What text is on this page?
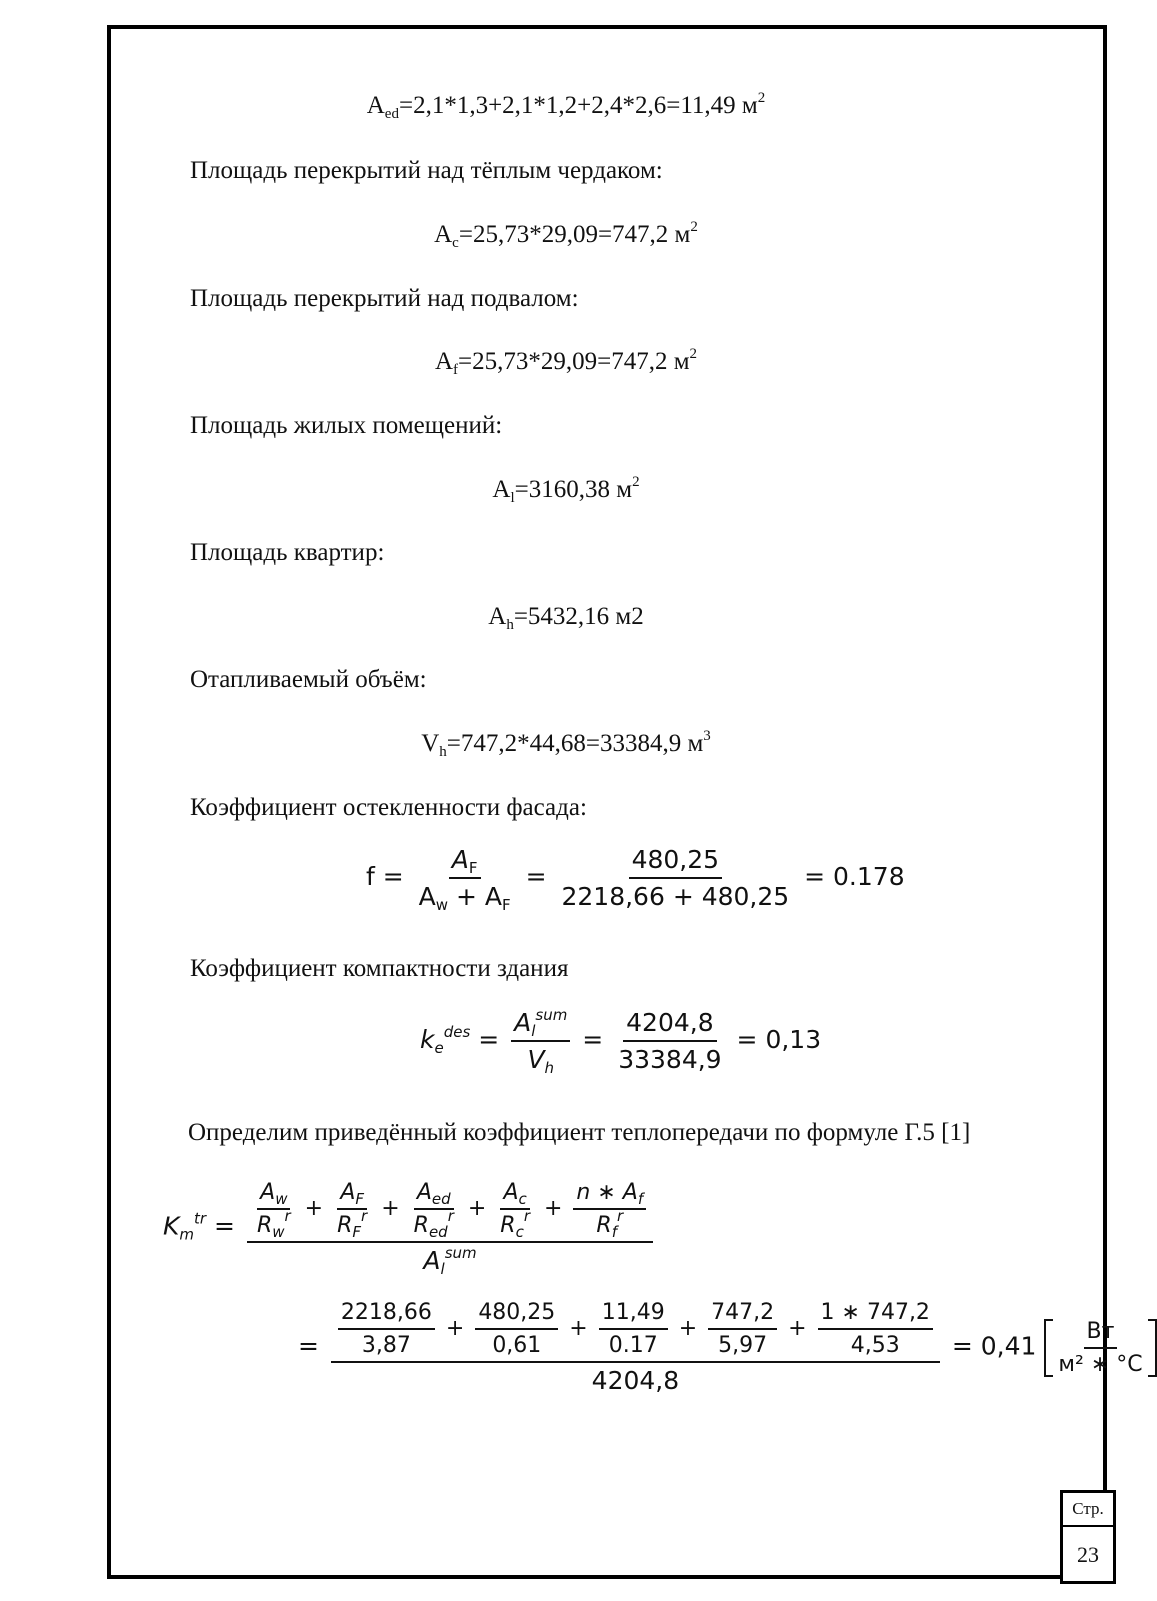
$A_{ed}=2,1*1,3+2,1*1,2+2,4*2,6=11,49$ $м^2$
Площадь перекрытий над тёплым чердаком:
$A_c=25,73*29,09=747,2$ $м^2$
Площадь перекрытий над подвалом:
$A_f=25,73*29,09=747,2$ $м^2$
Площадь жилых помещений:
$A_l=3160,38$ $м^2$
Площадь квартир:
$A_h=5432,16$ м2
Отапливаемый объём:
$V_h=747,2*44,68=33384,9$ $м^3$
Коэффициент остекленности фасада:
$f = \frac{A_F}{A_w + A_F} = \frac{480,25}{2218,66 + 480,25} = 0.178$
Коэффициент компактности здания
$k_e^{des} = \frac{A_l^{sum}}{V_h} = \frac{4204,8}{33384,9} = 0,13$
Определим приведённый коэффициент теплопередачи по формуле Г.5 [1]
$K_m^{tr} = \frac{A_w}{R_w^r} + \frac{A_F}{R_F^r} + \frac{A_{ed}}{R_{ed}^r} + \frac{A_c}{R_c^r} + \frac{n ∗ A_f}{R_f^r}$
$A_l^{sum}$
= $\frac{2218,66}{3,87} + \frac{480,25}{0,61} + \frac{11,49}{0.17} + \frac{747,2}{5,97} + \frac{1 ∗ 747,2}{4,53}$
4204,8
= $0,41 \frac{Вт}{\text{м² ∗ °C}}$
Стр.
23
